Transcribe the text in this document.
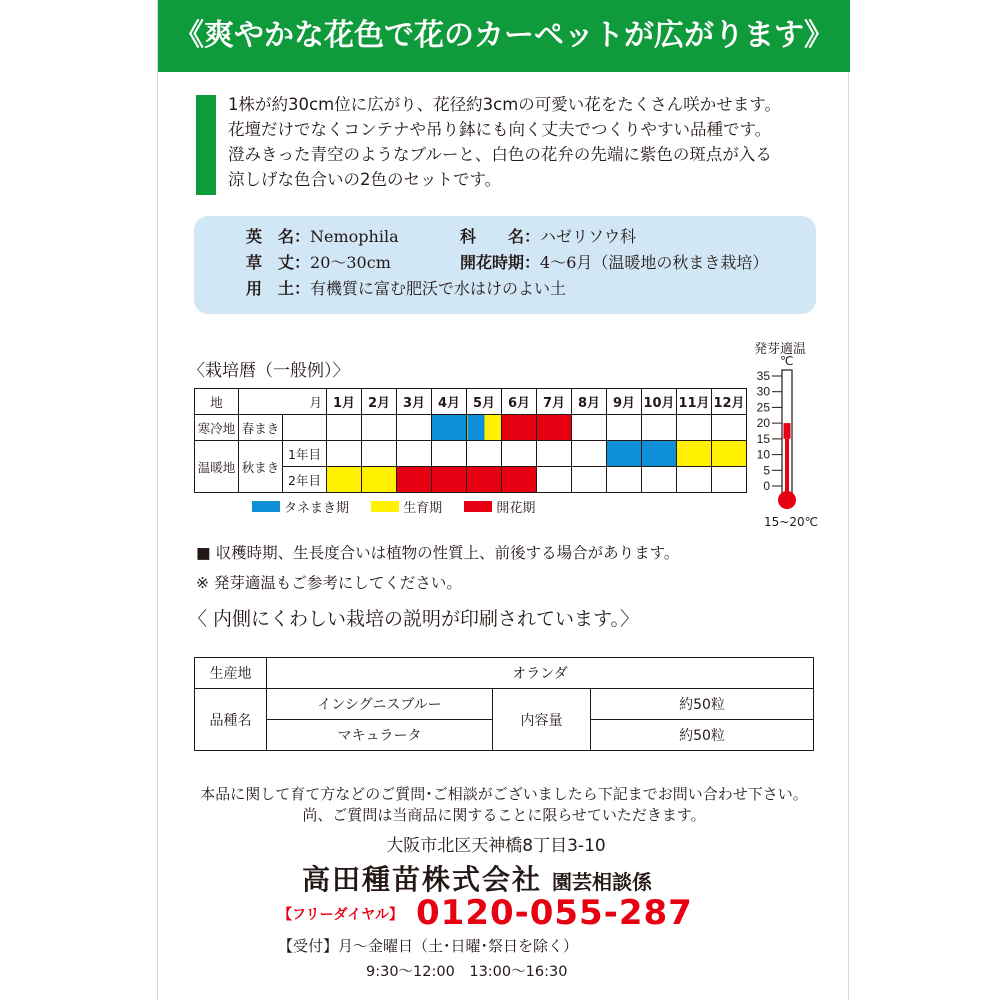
《爽やかな花色で花のカーペットが広がります》
1株が約30cm位に広がり、花径約3cmの可愛い花をたくさん咲かせます。
花壇だけでなくコンテナや吊り鉢にも向く丈夫でつくりやすい品種です。
澄みきった青空のようなブルーと、白色の花弁の先端に紫色の斑点が入る
涼しげな色合いの2色のセットです。
英　名：Nemophila	科　　名：ハゼリソウ科
草　丈：20〜30cm	開花時期：4〜6月（温暖地の秋まき栽培）
用　土：有機質に富む肥沃で水はけのよい土
〈栽培暦（一般例）〉
地		月	1月	2月	3月	4月	5月	6月	7月	8月	9月	10月	11月	12月
寒冷地	春まき													
温暖地	秋まき	1年目												
		2年目												
タネまき期
	生育期
	開花期
発芽適温
℃
35
30
25
20
15
10
5
0
15~20℃
■ 収穫時期、生長度合いは植物の性質上、前後する場合があります。
※ 発芽適温もご参考にしてください。
〈 内側にくわしい栽培の説明が印刷されています。〉
生産地	オランダ		
品種名	インシグニスブルー	内容量	約50粒
	マキュラータ		約50粒
本品に関して育て方などのご質問･ご相談がございましたら下記までお問い合わせ下さい。
尚、ご質問は当商品に関することに限らせていただきます。
大阪市北区天神橋8丁目3-10
高田種苗株式会社 園芸相談係
【フリーダイヤル】 0120-055-287
【受付】月〜金曜日（土･日曜･祭日を除く）
9:30〜12:00　13:00〜16:30
